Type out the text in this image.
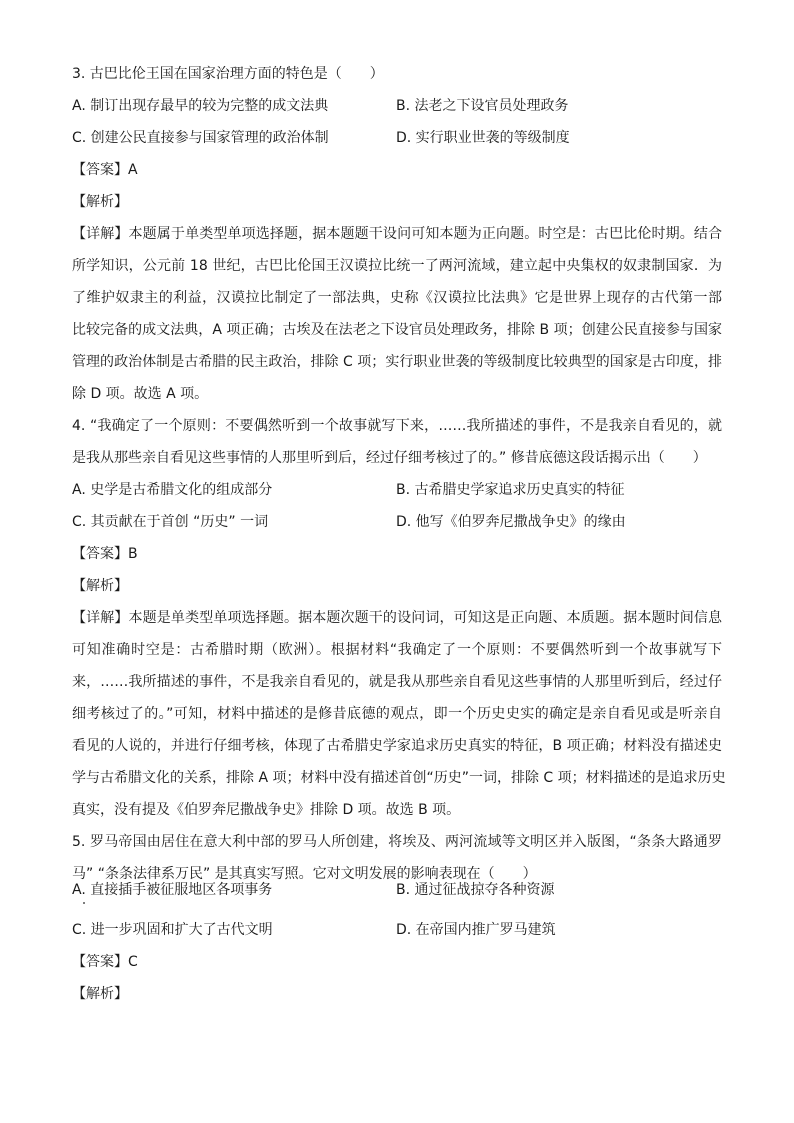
3. 古巴比伦王国在国家治理方面的特色是（　　）
A. 制订出现存最早的较为完整的成文法典	B. 法老之下设官员处理政务
C. 创建公民直接参与国家管理的政治体制	D. 实行职业世袭的等级制度
【答案】A
【解析】
【详解】本题属于单类型单项选择题，据本题题干设问可知本题为正向题。时空是：古巴比伦时期。结合
所学知识，公元前 18 世纪，古巴比伦国王汉谟拉比统一了两河流域，建立起中央集权的奴隶制国家．为
了维护奴隶主的利益，汉谟拉比制定了一部法典，史称《汉谟拉比法典》它是世界上现存的古代第一部
比较完备的成文法典，A 项正确；古埃及在法老之下设官员处理政务，排除 B 项；创建公民直接参与国家
管理的政治体制是古希腊的民主政治，排除 C 项；实行职业世袭的等级制度比较典型的国家是古印度，排
除 D 项。故选 A 项。
4. “我确定了一个原则：不要偶然听到一个故事就写下来，……我所描述的事件，不是我亲自看见的，就
是我从那些亲自看见这些事情的人那里听到后，经过仔细考核过了的。” 修昔底德这段话揭示出（　　）
A. 史学是古希腊文化的组成部分	B. 古希腊史学家追求历史真实的特征
C. 其贡献在于首创 “历史” 一词	D. 他写《伯罗奔尼撒战争史》的缘由
【答案】B
【解析】
【详解】本题是单类型单项选择题。据本题次题干的设问词，可知这是正向题、本质题。据本题时间信息
可知准确时空是：古希腊时期（欧洲）。根据材料“我确定了一个原则：不要偶然听到一个故事就写下
来，……我所描述的事件，不是我亲自看见的，就是我从那些亲自看见这些事情的人那里听到后，经过仔
细考核过了的。”可知，材料中描述的是修昔底德的观点，即一个历史史实的确定是亲自看见或是听亲自
看见的人说的，并进行仔细考核，体现了古希腊史学家追求历史真实的特征，B 项正确；材料没有描述史
学与古希腊文化的关系，排除 A 项；材料中没有描述首创“历史”一词，排除 C 项；材料描述的是追求历史
真实，没有提及《伯罗奔尼撒战争史》排除 D 项。故选 B 项。
5. 罗马帝国由居住在意大利中部的罗马人所创建，将埃及、两河流域等文明区并入版图，“条条大路通罗
马” “条条法律系万民” 是其真实写照。它对文明发展的影响表现在（　　）
A. 直接插手被征服地区各项事务	B. 通过征战掠夺各种资源
C. 进一步巩固和扩大了古代文明	D. 在帝国内推广罗马建筑
【答案】C
【解析】
